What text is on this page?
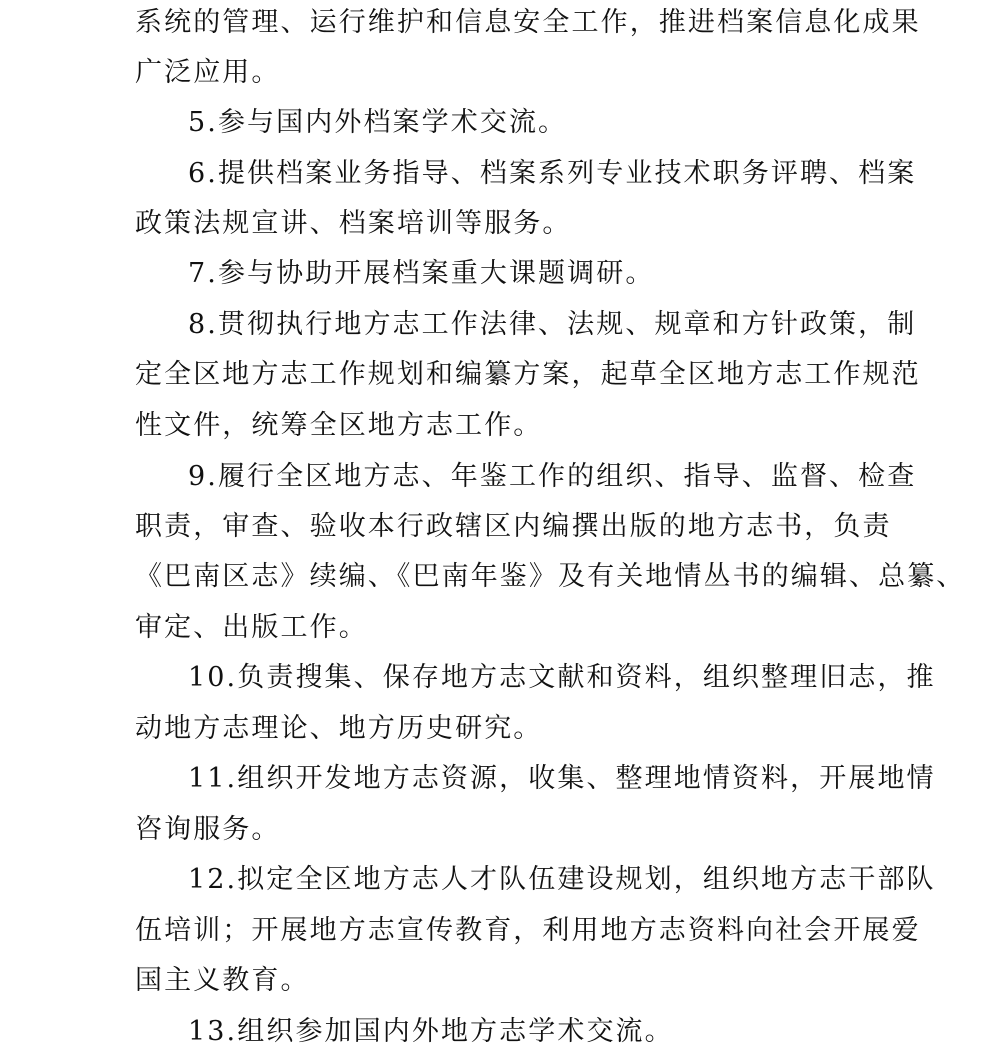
系统的管理、运行维护和信息安全工作，推进档案信息化成果
广泛应用。
5.参与国内外档案学术交流。
6.提供档案业务指导、档案系列专业技术职务评聘、档案
政策法规宣讲、档案培训等服务。
7.参与协助开展档案重大课题调研。
8.贯彻执行地方志工作法律、法规、规章和方针政策，制
定全区地方志工作规划和编纂方案，起草全区地方志工作规范
性文件，统筹全区地方志工作。
9.履行全区地方志、年鉴工作的组织、指导、监督、检查
职责，审查、验收本行政辖区内编撰出版的地方志书，负责
《巴南区志》续编、《巴南年鉴》及有关地情丛书的编辑、总纂、
审定、出版工作。
10.负责搜集、保存地方志文献和资料，组织整理旧志，推
动地方志理论、地方历史研究。
11.组织开发地方志资源，收集、整理地情资料，开展地情
咨询服务。
12.拟定全区地方志人才队伍建设规划，组织地方志干部队
伍培训；开展地方志宣传教育，利用地方志资料向社会开展爱
国主义教育。
13.组织参加国内外地方志学术交流。
